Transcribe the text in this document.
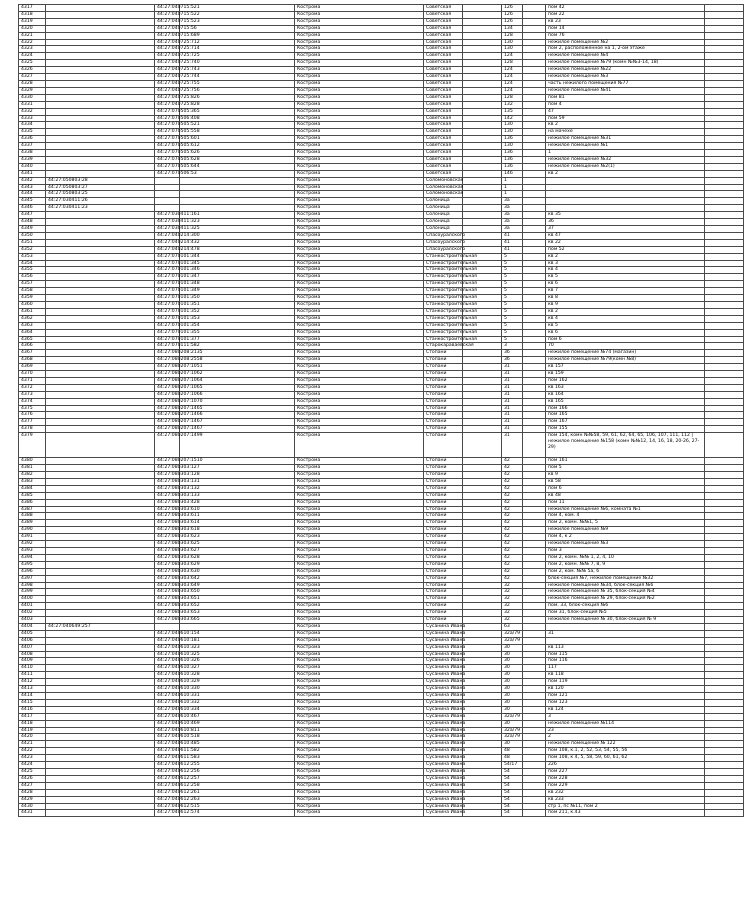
4317		44:27:040715:521		Кострома	Советская		126		пом 42	
4318		44:27:040715:522		Кострома	Советская		126		пом 22	
4319		44:27:040715:523		Кострома	Советская		126		кв 23	
4320		44:27:040715:56		Кострома	Советская		134		пом 14	
4321		44:27:040715:689		Кострома	Советская		128		пом 76	
4322		44:27:040725:712		Кострома	Советская		130		нежилое помещение №2	
4323		44:27:040725:714		Кострома	Советская		130		пом 2, расположенное на 1, 2-ом этаже	
4324		44:27:040725:725		Кострома	Советская		124		нежилое помещение №4	
4325		44:27:040725:740		Кострома	Советская		128		нежилое помещение №79 (комн №№3-14, 18)	
4326		44:27:040725:743		Кострома	Советская		124		нежилое помещение №22	
4327		44:27:040725:744		Кострома	Советская		124		нежилое помещение №3	
4328		44:27:040725:755		Кострома	Советская		124		часть нежилого помещения №77	
4329		44:27:040725:756		Кострома	Советская		124		нежилое помещение №41	
4330		44:27:040725:826		Кострома	Советская		128		пом 81	
4331		44:27:040725:828		Кострома	Советская		132		пом 4	
4332		44:27:070505:365		Кострома	Советская		135		47	
4333		44:27:070506:408		Кострома	Советская		142		пом 59	
4334		44:27:070505:521		Кострома	Советская		130		кв 2	
4335		44:27:070505:558		Кострома	Советская		130		на мачехе	
4336		44:27:070505:601		Кострома	Советская		136		нежилое помещение №31	
4337		44:27:070505:612		Кострома	Советская		130		нежилое помещение №1	
4338		44:27:070505:626		Кострома	Советская		136		1	
4339		44:27:070505:628		Кострома	Советская		136		нежилое помещение №32	
4340		44:27:070505:644		Кострома	Советская		136		нежилое помещение №2(1)	
4341		44:27:070506:53		Кострома	Советская		146		кв 2	
4342	44:27:050803:28			Кострома	Соломоновская		1			
4343	44:27:050803:27			Кострома	Соломоновская		1			
4344	44:27:050803:25			Кострома	Соломоновская		1			
4345	44:27:030411:26			Кострома	Солоница		3а			
4346	44:27:030411:23			Кострома	Солоница		3а			
4347		44:27:030411:161		Кострома	Солоница		3а		кв 35	
4348		44:27:030411:323		Кострома	Солоница		3а		36	
4349		44:27:030411:325		Кострома	Солоница		3а		37	
4350		44:27:040214:300		Кострома	Спасоуралского		41		кв 47	
4351		44:27:040214:432		Кострома	Спасоуралского		41		кв 22	
4352		44:27:040214:478		Кострома	Спасоуралского		41		пом 52	
4353		44:27:070101:344		Кострома	Станкостроительная		5		кв 2	
4354		44:27:070101:345		Кострома	Станкостроительная		5		кв 3	
4355		44:27:070101:346		Кострома	Станкостроительная		5		кв 4	
4356		44:27:070101:347		Кострома	Станкостроительная		5		кв 5	
4357		44:27:070101:348		Кострома	Станкостроительная		5		кв 6	
4358		44:27:070101:349		Кострома	Станкостроительная		5		кв 7	
4359		44:27:070101:350		Кострома	Станкостроительная		5		кв 8	
4360		44:27:070101:351		Кострома	Станкостроительная		5		кв 9	
4361		44:27:070101:352		Кострома	Станкостроительная		5		кв 2	
4362		44:27:070101:353		Кострома	Станкостроительная		5		кв 4	
4363		44:27:070101:354		Кострома	Станкостроительная		5		кв 5	
4364		44:27:070101:355		Кострома	Станкостроительная		5		кв 6	
4365		44:27:070101:377		Кострома	Станкостроительная		5		пом 6	
4366		44:27:070111:582		Кострома	Старокараваевская		3		70	
4367		44:27:080208:2135		Кострома	Стопани		3б		нежилое помещение №74 (магазин)	
4368		44:27:080208:2558		Кострома	Стопани		3б		нежилое помещение №79(комн №8)	
4369		44:27:080207:1051		Кострома	Стопани		31		кв 157	
4370		44:27:080207:1062		Кострома	Стопани		31		кв 159	
4371		44:27:080207:1064		Кострома	Стопани		31		пом 162	
4372		44:27:080207:1065		Кострома	Стопани		31		кв 163	
4373		44:27:080207:1066		Кострома	Стопани		31		кв 164	
4374		44:27:080207:1070		Кострома	Стопани		31		кв 165	
4375		44:27:080207:1465		Кострома	Стопани		31		пом 166	
4376		44:27:080207:1466		Кострома	Стопани		31		пом 165	
4377		44:27:080207:1467		Кострома	Стопани		31		пом 167	
4378		44:27:080207:1467		Кострома	Стопани		31		пом 155	
4379		44:27:080207:1499		Кострома	Стопани		31		пом 154, комн №№58, 59, 61, 62, 64, 65, 106, 107, 111, 112 | нежилое помещение №158 (комн №№12, 14, 16, 18, 20-26, 27-29)	
4380		44:27:080207:1510		Кострома	Стопани		42		пом 161	
4381		44:27:080303:127		Кострома	Стопани		42		пом 5	
4382		44:27:080303:128		Кострома	Стопани		42		кв 9	
4383		44:27:080303:131		Кострома	Стопани		42		кв 58	
4384		44:27:080303:132		Кострома	Стопани		42		пом 6	
4385		44:27:080303:133		Кострома	Стопани		42		кв 48	
4386		44:27:080303:428		Кострома	Стопани		42		пом 11	
4387		44:27:080303:610		Кострома	Стопани		42		нежилое помещение №6, комната №1	
4388		44:27:080303:611		Кострома	Стопани		42		пом 4, ком. 4	
4389		44:27:080303:614		Кострома	Стопани		42		пом 2, комн. №№1, 5	
4390		44:27:080303:618		Кострома	Стопани		42		нежилое помещение №9	
4391		44:27:080303:623		Кострома	Стопани		42		пом 4, к 2	
4392		44:27:080303:625		Кострома	Стопани		42		нежилое помещение №3	
4393		44:27:080303:627		Кострома	Стопани		42		пом 3	
4394		44:27:080303:628		Кострома	Стопани		42		пом 2, комн. №№ 1, 2, 4, 10	
4395		44:27:080303:629		Кострома	Стопани		42		пом 2, комн. №№ 7, 8, 9	
4396		44:27:080303:630		Кострома	Стопани		42		пом 2, ком. №№ 5а, 6	
4397		44:27:080303:642		Кострома	Стопани		42		блок-секция №7, нежилое помещение №32	
4398		44:27:080303:649		Кострома	Стопани		32		нежилое помещение №34, блок-секция №6	
4399		44:27:080303:650		Кострома	Стопани		32		нежилое помещение № 35, блок-секция №4	
4400		44:27:080303:651		Кострома	Стопани		32		нежилое помещение № 29, блок-секция №2	
4401		44:27:080303:652		Кострома	Стопани		32		пом. 33, блок-секция №6	
4402		44:27:080303:653		Кострома	Стопани		32		пом 31, блок-секция №5	
4403		44:27:080303:665		Кострома	Стопани		32		нежилое помещение № 30, блок-секция № 9	
4404	44:27:040649:257			Кострома	Сусанина Ивана		63			
4405		44:27:040610:154		Кострома	Сусанина Ивана		32а/79		31	
4406		44:27:040610:181		Кострома	Сусанина Ивана		32а/79			
4407		44:27:040610:323		Кострома	Сусанина Ивана		30		кв 113	
4408		44:27:040610:325		Кострома	Сусанина Ивана		30		пом 115	
4409		44:27:040610:326		Кострома	Сусанина Ивана		30		пом 116	
4410		44:27:040610:327		Кострома	Сусанина Ивана		30		117	
4411		44:27:040610:328		Кострома	Сусанина Ивана		30		кв 118	
4412		44:27:040610:329		Кострома	Сусанина Ивана		30		пом 119	
4413		44:27:040610:330		Кострома	Сусанина Ивана		30		кв 120	
4414		44:27:040610:331		Кострома	Сусанина Ивана		30		пом 121	
4415		44:27:040610:332		Кострома	Сусанина Ивана		30		пом 123	
4416		44:27:040610:334		Кострома	Сусанина Ивана		30		кв 124	
4417		44:27:040610:467		Кострома	Сусанина Ивана		32а/79		3	
4418		44:27:040610:469		Кострома	Сусанина Ивана		30		нежилое помещение №114	
4419		44:27:040610:811		Кострома	Сусанина Ивана		32а/79		23	
4420		44:27:040610:518		Кострома	Сусанина Ивана		32а/79		2	
4421		44:27:040610:485		Кострома	Сусанина Ивана		30		нежилое помещение № 122	
4422		44:27:040611:582		Кострома	Сусанина Ивана		48		пом 108, к.1, 2, 52, 53, 54, 55, 56	
4423		44:27:040611:583		Кострома	Сусанина Ивана		48		пом 108, к 4, 5, 58, 59, 60, 61, 62	
4424		44:27:040612:255		Кострома	Сусанина Ивана		54/17		226	
4425		44:27:040612:256		Кострома	Сусанина Ивана		54		пом 227	
4426		44:27:040612:257		Кострома	Сусанина Ивана		54		пом 228	
4427		44:27:040612:258		Кострома	Сусанина Ивана		54		пом 229	
4428		44:27:040612:261		Кострома	Сусанина Ивана		54		кв 232	
4429		44:27:040612:263		Кострома	Сусанина Ивана		54		кв 233	
4430		44:27:040612:515		Кострома	Сусанина Ивана		54		стр 1, пс №11, пом 2	
4431		44:27:040612:574		Кострома	Сусанина Ивана		54		пом 211, к.43	
